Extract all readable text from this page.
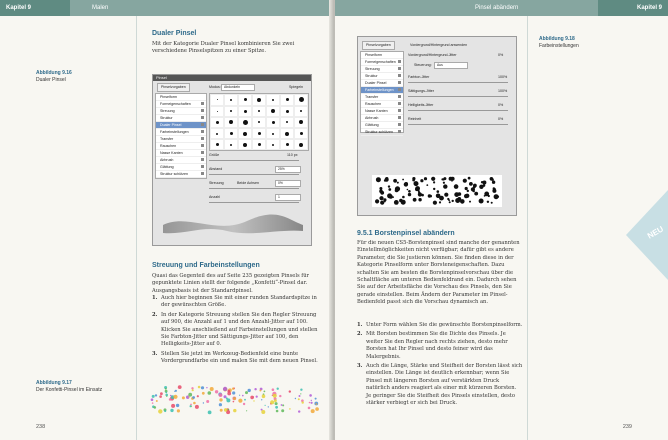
Kapitel 9	Malen
Dualer Pinsel
Mit der Kategorie Dualer Pinsel kombinieren Sie zwei verschiedene Pinselspitzen zu einer Spitze.
Abbildung 9.16
Dualer Pinsel	Pinsel
Pinselvorgaben	Modus: Abdunkeln	Spiegeln
Pinselform
Formeigenschaften
Streuung
Struktur
Dualer Pinsel
Farbeinstellungen
Transfer
Rauschen
Nasse Kanten
Airbrush
Glättung
Struktur schützen
Größe	110 px
Abstand	25%
Streuung	Beide Achsen	0%
Anzahl	1
Streuung und Farbeinstellungen
Quasi das Gegenteil des auf Seite 235 gezeigten Pinsels für gepunktete Linien stellt der folgende „Konfetti“-Pinsel dar. Ausgangsbasis ist der Standardpinsel.
1. Auch hier beginnen Sie mit einer runden Standardspitze in der gewünschten Größe.
2. In der Kategorie Streuung stellen Sie den Regler Streuung auf 900, die Anzahl auf 1 und den Anzahl-Jitter auf 100. Klicken Sie anschließend auf Farbeinstellungen und stellen Sie Farbton-Jitter und Sättigungs-Jitter auf 100, den Helligkeits-Jitter auf 0.
3. Stellen Sie jetzt im Werkzeug-Bedienfeld eine bunte Vordergrundfarbe ein und malen Sie mit dem neuen Pinsel.
Abbildung 9.17
Der Konfetti-Pinsel im Einsatz
238
Pinsel abändern	Kapitel 9
Abbildung 9.18
Farbeinstellungen
Pinselvorgaben	Vordergrund/Hintergrund anwenden
Pinselform
Formeigenschaften
Streuung
Struktur
Dualer Pinsel
Farbeinstellungen
Transfer
Rauschen
Nasse Kanten
Airbrush
Glättung
Struktur schützen
Vordergrund/Hintergrund-Jitter	0%
Steuerung:	Aus
Farbton-Jitter	100%
Sättigungs-Jitter	100%
Helligkeits-Jitter	0%
Reinheit	0%
9.5.1 Borstenpinsel abändern
Für die neuen CS5-Borstenpinsel sind manche der genannten Einstellmöglichkeiten nicht verfügbar; dafür gibt es andere Parameter, die Sie justieren können. Sie finden diese in der Kategorie Pinselform unter Borsteneigenschaften. Dazu schalten Sie am besten die Borstenpinselvorschau über die Schaltfläche am unteren Bedienfeldrand ein. Dadurch sehen Sie auf der Arbeitsfläche die Vorschau des Pinsels, den Sie gerade einstellen. Beim Ändern der Parameter im Pinsel-Bedienfeld passt sich die Vorschau dynamisch an.
1. Unter Form wählen Sie die gewünschte Borstenpinselform.
2. Mit Borsten bestimmen Sie die Dichte des Pinsels. Je weiter Sie den Regler nach rechts ziehen, desto mehr Borsten hat Ihr Pinsel und desto feiner wird das Malergebnis.
3. Auch die Länge, Stärke und Steifheit der Borsten lässt sich einstellen. Die Länge ist deutlich erkennbar; wenn Sie Pinsel mit längeren Borsten auf verstärkten Druck natürlich anders reagiert als einer mit kürzeren Borsten. Je geringer Sie die Steifheit des Pinsels einstellen, desto stärker verbiegt er sich bei Druck.
NEU
239
